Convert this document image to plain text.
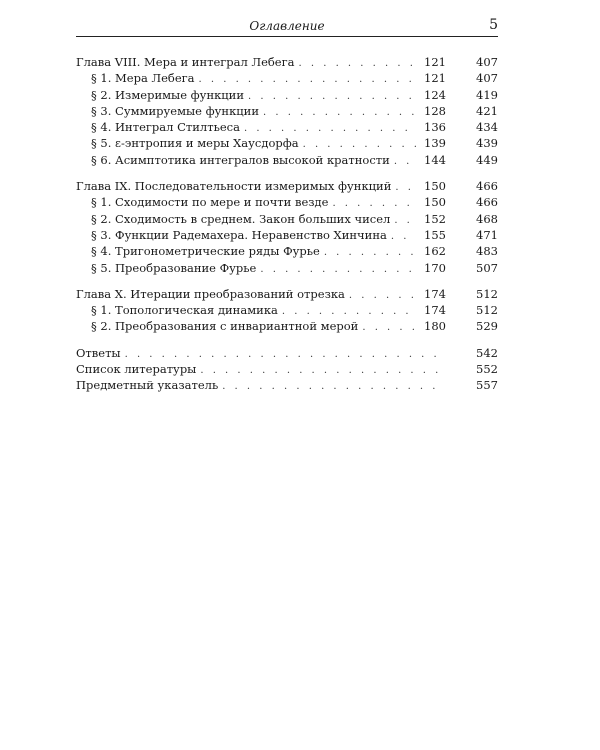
Оглавление	5
Глава VIII. Мера и интеграл Лебега . . .	121	407
§ 1. Мера Лебега . . .	121	407
§ 2. Измеримые функции . . .	124	419
§ 3. Суммируемые функции . . .	128	421
§ 4. Интеграл Стилтьеса . . .	136	434
§ 5. ε-энтропия и меры Хаусдорфа . . .	139	439
§ 6. Асимптотика интегралов высокой кратности . . .	144	449
Глава IX. Последовательности измеримых функций . . .	150	466
§ 1. Сходимости по мере и почти везде . . .	150	466
§ 2. Сходимость в среднем. Закон больших чисел . . .	152	468
§ 3. Функции Радемахера. Неравенство Хинчина . . .	155	471
§ 4. Тригонометрические ряды Фурье . . .	162	483
§ 5. Преобразование Фурье . . .	170	507
Глава X. Итерации преобразований отрезка . . .	174	512
§ 1. Топологическая динамика . . .	174	512
§ 2. Преобразования с инвариантной мерой . . .	180	529
Ответы . . .	542
Список литературы . . .	552
Предметный указатель . . .	557
